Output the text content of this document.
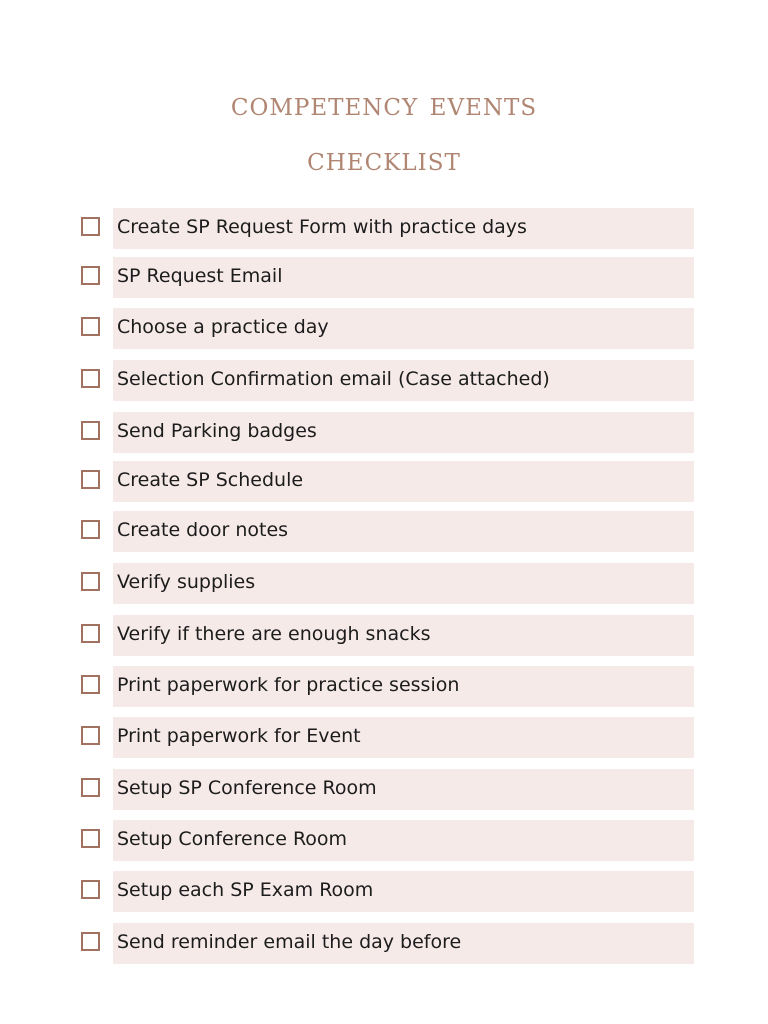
competency events
checklist
Create SP Request Form with practice days
SP Request Email
Choose a practice day
Selection Confirmation email (Case attached)
Send Parking badges
Create SP Schedule
Create door notes
Verify supplies
Verify if there are enough snacks
Print paperwork for practice session
Print paperwork for Event
Setup SP Conference Room
Setup Conference Room
Setup each SP Exam Room
Send reminder email the day before
